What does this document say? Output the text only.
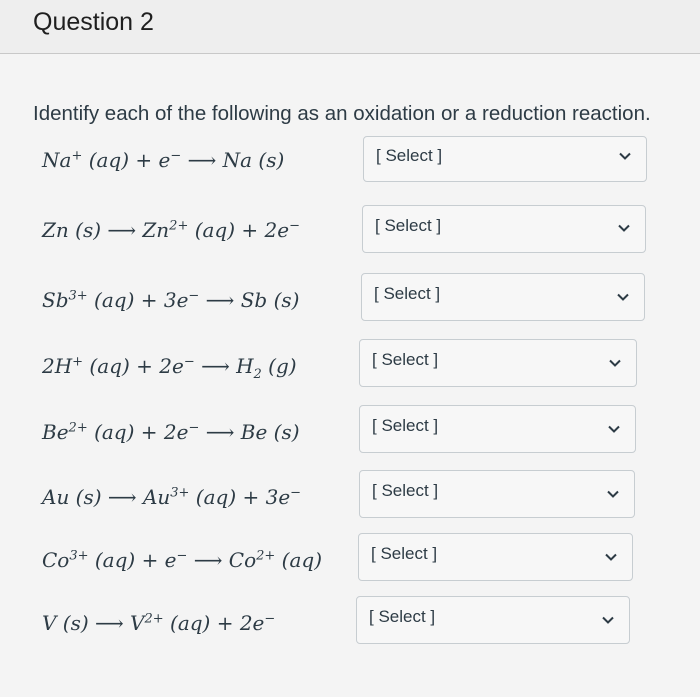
Question 2
Identify each of the following as an oxidation or a reduction reaction.
Na+ (aq) + e− ⟶ Na (s)	[ Select ]
Zn (s) ⟶ $Zn^{2+}$ (aq) + 2e−	[ Select ]
$Sb^{3+}$ (aq) + 3e− ⟶ Sb (s)	[ Select ]
2H+ (aq) + 2e− ⟶ $H_2$ (g)	[ Select ]
$Be^{2+}$ (aq) + 2e− ⟶ Be (s)	[ Select ]
Au (s) ⟶ $Au^{3+}$ (aq) + 3e−	[ Select ]
$Co^{3+}$ (aq) + e− ⟶ $Co^{2+}$ (aq)	[ Select ]
V (s) ⟶ $V^{2+}$ (aq) + 2e−	[ Select ]
